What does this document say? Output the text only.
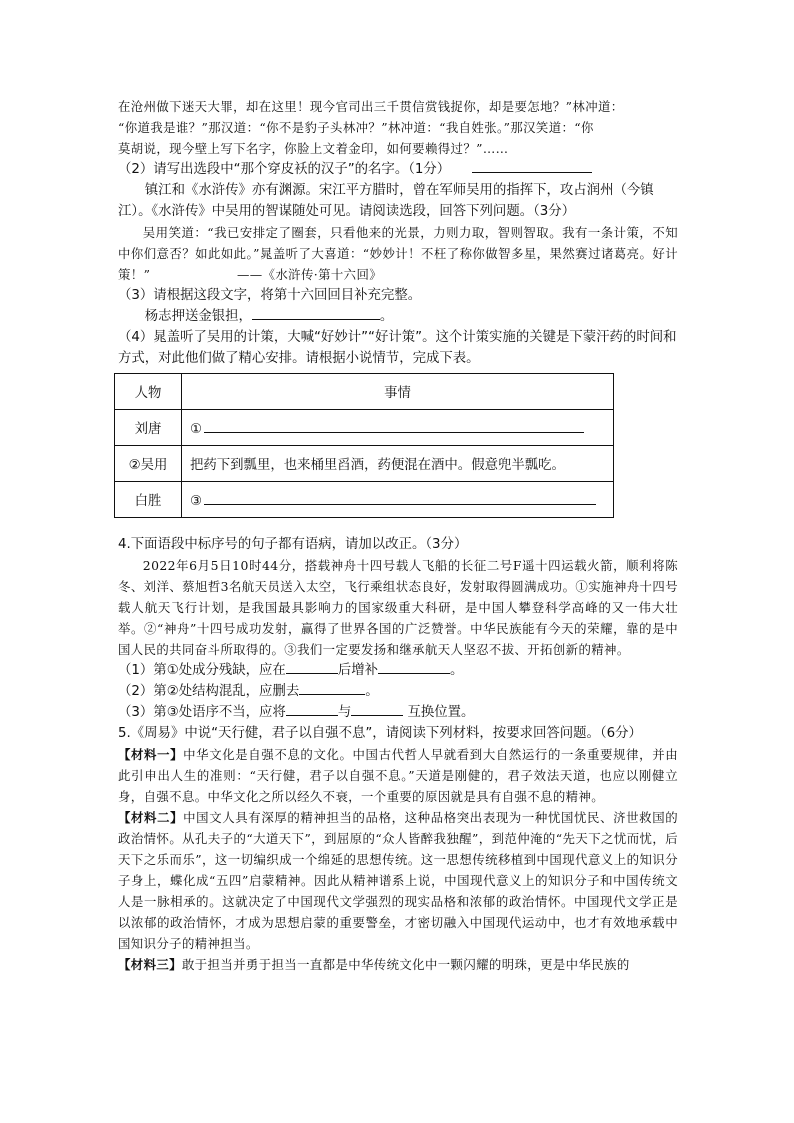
在沧州做下迷天大罪，却在这里！现今官司出三千贯信赏钱捉你，却是要怎地？”林冲道：

“你道我是谁？”那汉道：“你不是豹子头林冲？”林冲道：“我自姓张。”那汉笑道：“你

莫胡说，现今壁上写下名字，你脸上文着金印，如何要赖得过？”……

（2）请写出选段中“那个穿皮袄的汉子”的名字。（1分）

镇江和《水浒传》亦有渊源。宋江平方腊时，曾在军师吴用的指挥下，攻占润州（今镇江）。《水浒传》中吴用的智谋随处可见。请阅读选段，回答下列问题。（3分）

吴用笑道：“我已安排定了圈套，只看他来的光景，力则力取，智则智取。我有一条计策，不知中你们意否？如此如此。”晁盖听了大喜道：“妙妙计！不枉了称你做智多星，果然赛过诸葛亮。好计策！”	——《水浒传·第十六回》

（3）请根据这段文字，将第十六回回目补充完整。

杨志押送金银担，	。

（4）晁盖听了吴用的计策，大喊“好妙计”“好计策”。这个计策实施的关键是下蒙汗药的时间和方式，对此他们做了精心安排。请根据小说情节，完成下表。

人物	事情
刘唐	①
②吴用	把药下到瓢里，也来桶里舀酒，药便混在酒中。假意兜半瓢吃。
白胜	③

4.下面语段中标序号的句子都有语病，请加以改正。（3分）

2022年6月5日10时44分，搭载神舟十四号载人飞船的长征二号F遥十四运载火箭，顺利将陈冬、刘洋、蔡旭哲3名航天员送入太空，飞行乘组状态良好，发射取得圆满成功。①实施神舟十四号载人航天飞行计划，是我国最具影响力的国家级重大科研，是中国人攀登科学高峰的又一伟大壮举。②“神舟”十四号成功发射，赢得了世界各国的广泛赞誉。中华民族能有今天的荣耀，靠的是中国人民的共同奋斗所取得的。③我们一定要发扬和继承航天人坚忍不拔、开拓创新的精神。

（1）第①处成分残缺，应在	后增补	。

（2）第②处结构混乱，应删去	。

（3）第③处语序不当，应将	与	互换位置。

5.《周易》中说“天行健，君子以自强不息”，请阅读下列材料，按要求回答问题。（6分）

【材料一】中华文化是自强不息的文化。中国古代哲人早就看到大自然运行的一条重要规律，并由此引申出人生的准则：“天行健，君子以自强不息。”天道是刚健的，君子效法天道，也应以刚健立身，自强不息。中华文化之所以经久不衰，一个重要的原因就是具有自强不息的精神。

【材料二】中国文人具有深厚的精神担当的品格，这种品格突出表现为一种忧国忧民、济世救国的政治情怀。从孔夫子的“大道天下”，到屈原的“众人皆醉我独醒”，到范仲淹的“先天下之忧而忧，后天下之乐而乐”，这一切编织成一个绵延的思想传统。这一思想传统移植到中国现代意义上的知识分子身上，蝶化成“五四”启蒙精神。因此从精神谱系上说，中国现代意义上的知识分子和中国传统文人是一脉相承的。这就决定了中国现代文学强烈的现实品格和浓郁的政治情怀。中国现代文学正是以浓郁的政治情怀，才成为思想启蒙的重要警垒，才密切融入中国现代运动中，也才有效地承载中国知识分子的精神担当。

【材料三】敢于担当并勇于担当一直都是中华传统文化中一颗闪耀的明珠，更是中华民族的
